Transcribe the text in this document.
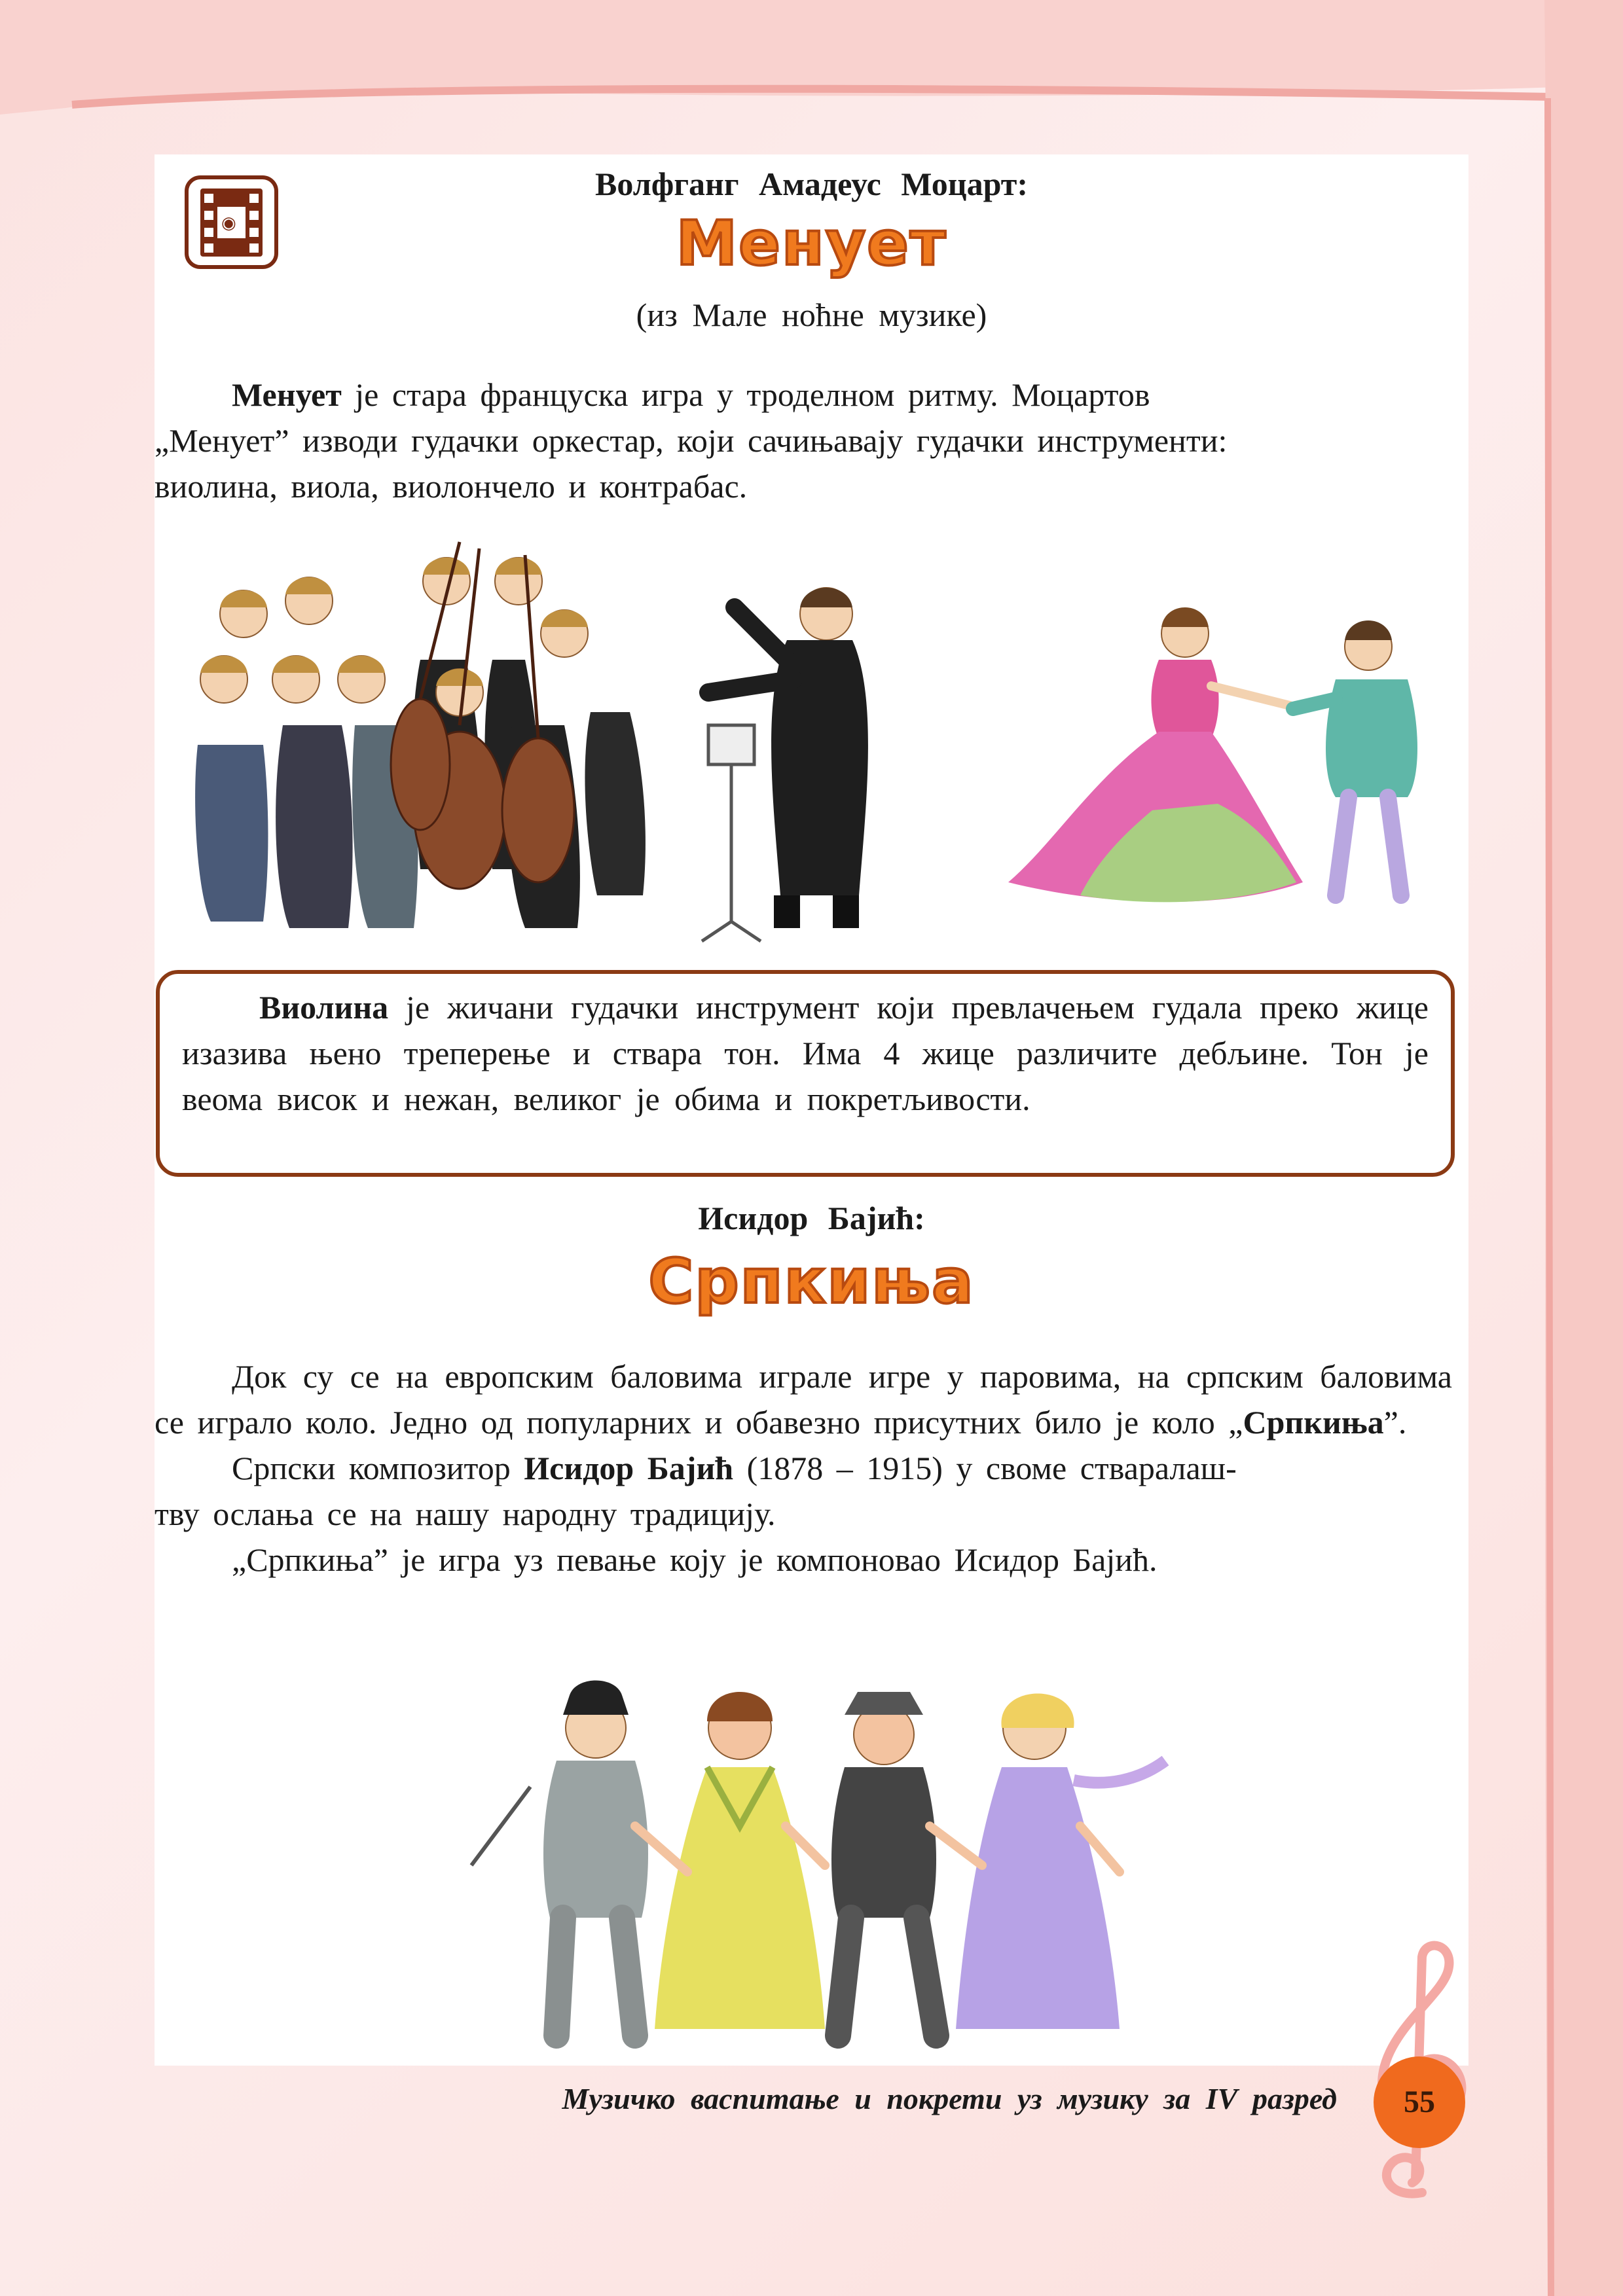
◉
Волфганг Амадеус Моцарт:
Менует
(из Мале ноћне музике)
Менует је стара француска игра у троделном ритму. Моцартов
„Менует” изводи гудачки оркестар, који сачињавају гудачки инструменти:
виолина, виола, виолончело и контрабас.
Виолина је жичани гудачки инструмент који превлачењем гудала преко жице изазива њено треперење и ствара тон. Има 4 жице различите дебљине. Тон је веома висок и нежан, великог је обима и покретљивости.
Исидор Бајић:
Српкиња
Док су се на европским баловима играле игре у паровима, на српским баловима се играло коло. Једно од популарних и обавезно присутних било је коло „Српкиња”.
Српски композитор Исидор Бајић (1878 – 1915) у своме стваралаш-
тву ослања се на нашу народну традицију.
„Српкиња” је игра уз певање коју је компоновао Исидор Бајић.
Музичко васпитање и покрети уз музику за IV разред	55
